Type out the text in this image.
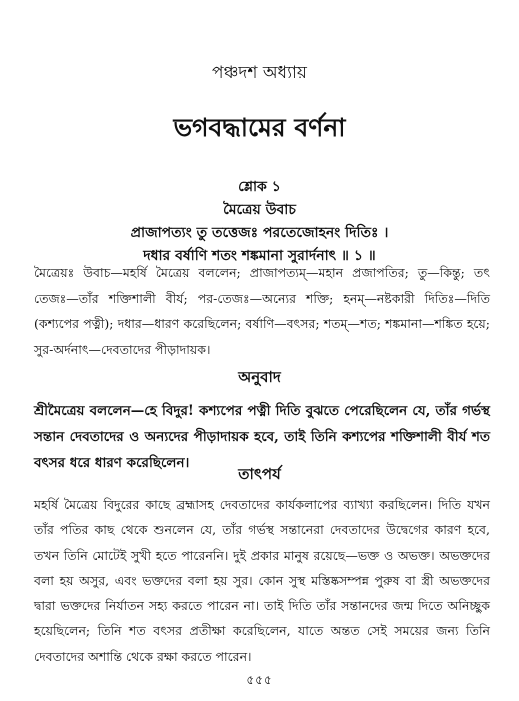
পঞ্চদশ অধ্যায়
ভগবদ্ধামের বর্ণনা
শ্লোক ১
মৈত্রেয় উবাচ
প্রাজাপত্যং তু তত্তেজঃ পরতেজোহনং দিতিঃ ।
দধার বর্ষাণি শতং শঙ্কমানা সুরার্দনাৎ ॥ ১ ॥
মৈত্রেয়ঃ উবাচ—মহর্ষি মৈত্রেয় বললেন; প্রাজাপত্যম্—মহান প্রজাপতির; তু—কিন্তু; তৎ তেজঃ—তাঁর শক্তিশালী বীর্য; পর-তেজঃ—অন্যের শক্তি; হনম্—নষ্টকারী দিতিঃ—দিতি (কশ্যপের পত্নী); দধার—ধারণ করেছিলেন; বর্ষাণি—বৎসর; শতম্—শত; শঙ্কমানা—শঙ্কিত হয়ে; সুর-অর্দনাৎ—দেবতাদের পীড়াদায়ক।
অনুবাদ
শ্রীমৈত্রেয় বললেন—হে বিদুর! কশ্যপের পত্নী দিতি বুঝতে পেরেছিলেন যে, তাঁর গর্ভস্থ সন্তান দেবতাদের ও অন্যদের পীড়াদায়ক হবে, তাই তিনি কশ্যপের শক্তিশালী বীর্য শত বৎসর ধরে ধারণ করেছিলেন।
তাৎপর্য
মহর্ষি মৈত্রেয় বিদুরের কাছে ব্রহ্মাসহ দেবতাদের কার্যকলাপের ব্যাখ্যা করছিলেন। দিতি যখন তাঁর পতির কাছ থেকে শুনলেন যে, তাঁর গর্ভস্থ সন্তানেরা দেবতাদের উদ্বেগের কারণ হবে, তখন তিনি মোটেই সুখী হতে পারেননি। দুই প্রকার মানুষ রয়েছে—ভক্ত ও অভক্ত। অভক্তদের বলা হয় অসুর, এবং ভক্তদের বলা হয় সুর। কোন সুস্থ মস্তিষ্কসম্পন্ন পুরুষ বা স্ত্রী অভক্তদের দ্বারা ভক্তদের নির্যাতন সহ্য করতে পারেন না। তাই দিতি তাঁর সন্তানদের জন্ম দিতে অনিচ্ছুক হয়েছিলেন; তিনি শত বৎসর প্রতীক্ষা করেছিলেন, যাতে অন্তত সেই সময়ের জন্য তিনি দেবতাদের অশান্তি থেকে রক্ষা করতে পারেন।
৫৫৫
